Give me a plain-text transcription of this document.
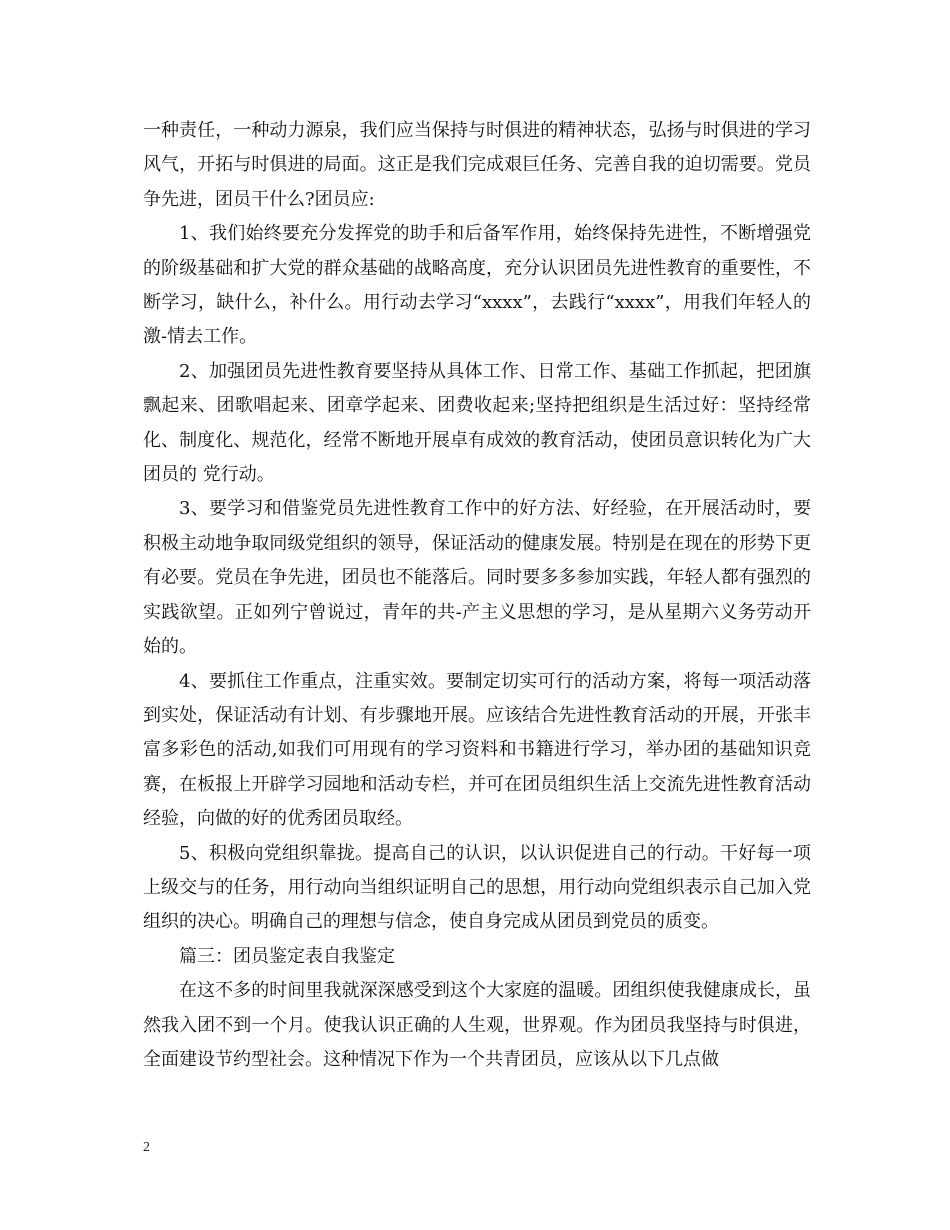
一种责任，一种动力源泉，我们应当保持与时俱进的精神状态，弘扬与时俱进的学习风气，开拓与时俱进的局面。这正是我们完成艰巨任务、完善自我的迫切需要。党员争先进，团员干什么?团员应:

1、我们始终要充分发挥党的助手和后备军作用，始终保持先进性，不断增强党的阶级基础和扩大党的群众基础的战略高度，充分认识团员先进性教育的重要性，不断学习，缺什么，补什么。用行动去学习“xxxx”，去践行“xxxx”，用我们年轻人的激-情去工作。

2、加强团员先进性教育要坚持从具体工作、日常工作、基础工作抓起，把团旗飘起来、团歌唱起来、团章学起来、团费收起来;坚持把组织是生活过好：坚持经常化、制度化、规范化，经常不断地开展卓有成效的教育活动，使团员意识转化为广大团员的 党行动。

3、要学习和借鉴党员先进性教育工作中的好方法、好经验，在开展活动时，要积极主动地争取同级党组织的领导，保证活动的健康发展。特别是在现在的形势下更有必要。党员在争先进，团员也不能落后。同时要多多参加实践，年轻人都有强烈的实践欲望。正如列宁曾说过，青年的共-产主义思想的学习，是从星期六义务劳动开始的。

4、要抓住工作重点，注重实效。要制定切实可行的活动方案，将每一项活动落到实处，保证活动有计划、有步骤地开展。应该结合先进性教育活动的开展，开张丰富多彩色的活动,如我们可用现有的学习资料和书籍进行学习，举办团的基础知识竞赛，在板报上开辟学习园地和活动专栏，并可在团员组织生活上交流先进性教育活动经验，向做的好的优秀团员取经。

5、积极向党组织靠拢。提高自己的认识，以认识促进自己的行动。干好每一项上级交与的任务，用行动向当组织证明自己的思想，用行动向党组织表示自己加入党组织的决心。明确自己的理想与信念，使自身完成从团员到党员的质变。

篇三：团员鉴定表自我鉴定

在这不多的时间里我就深深感受到这个大家庭的温暖。团组织使我健康成长，虽然我入团不到一个月。使我认识正确的人生观，世界观。作为团员我坚持与时俱进，全面建设节约型社会。这种情况下作为一个共青团员，应该从以下几点做

2
